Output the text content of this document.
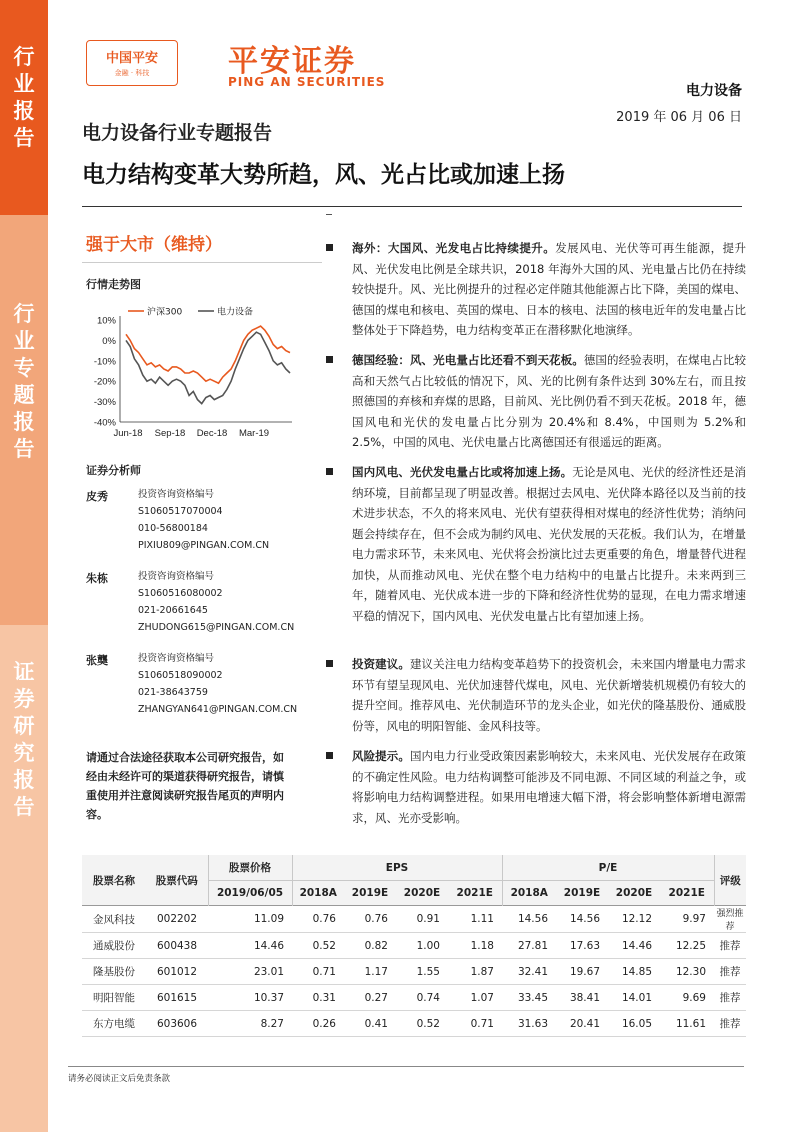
行
业
报
告
行
业
专
题
报
告
证
券
研
究
报
告
中国平安
金融 · 科技	平安证券
PING AN SECURITIES
电力设备
2019 年 06 月 06 日
电力设备行业专题报告
电力结构变革大势所趋，风、光占比或加速上扬
强于大市（维持）
行情走势图
10%
0%
-10%
-20%
-30%
-40%
Jun-18 Sep-18 Dec-18 Mar-19
沪深300	电力设备
证券分析师
皮秀	投资咨询资格编号
S1060517070004
010-56800184
PIXIU809@PINGAN.COM.CN
朱栋	投资咨询资格编号
S1060516080002
021-20661645
ZHUDONG615@PINGAN.COM.CN
张龑	投资咨询资格编号
S1060518090002
021-38643759
ZHANGYAN641@PINGAN.COM.CN
请通过合法途径获取本公司研究报告，如经由未经许可的渠道获得研究报告，请慎重使用并注意阅读研究报告尾页的声明内容。
海外：大国风、光发电占比持续提升。发展风电、光伏等可再生能源，提升风、光伏发电比例是全球共识，2018 年海外大国的风、光电量占比仍在持续较快提升。风、光比例提升的过程必定伴随其他能源占比下降，美国的煤电、德国的煤电和核电、英国的煤电、日本的核电、法国的核电近年的发电量占比整体处于下降趋势，电力结构变革正在潜移默化地演绎。
德国经验：风、光电量占比还看不到天花板。德国的经验表明，在煤电占比较高和天然气占比较低的情况下，风、光的比例有条件达到 30%左右，而且按照德国的弃核和弃煤的思路，目前风、光比例仍看不到天花板。2018 年，德国风电和光伏的发电量占比分别为 20.4%和 8.4%，中国则为 5.2%和 2.5%，中国的风电、光伏电量占比离德国还有很遥远的距离。
国内风电、光伏发电量占比或将加速上扬。无论是风电、光伏的经济性还是消纳环境，目前都呈现了明显改善。根据过去风电、光伏降本路径以及当前的技术进步状态，不久的将来风电、光伏有望获得相对煤电的经济性优势；消纳问题会持续存在，但不会成为制约风电、光伏发展的天花板。我们认为，在增量电力需求环节，未来风电、光伏将会扮演比过去更重要的角色，增量替代进程加快，从而推动风电、光伏在整个电力结构中的电量占比提升。未来两到三年，随着风电、光伏成本进一步的下降和经济性优势的显现，在电力需求增速平稳的情况下，国内风电、光伏发电量占比有望加速上扬。
投资建议。建议关注电力结构变革趋势下的投资机会，未来国内增量电力需求环节有望呈现风电、光伏加速替代煤电，风电、光伏新增装机规模仍有较大的提升空间。推荐风电、光伏制造环节的龙头企业，如光伏的隆基股份、通威股份等，风电的明阳智能、金风科技等。
风险提示。国内电力行业受政策因素影响较大，未来风电、光伏发展存在政策的不确定性风险。电力结构调整可能涉及不同电源、不同区域的利益之争，或将影响电力结构调整进程。如果用电增速大幅下滑，将会影响整体新增电源需求，风、光亦受影响。
股票名称	股票代码	股票价格	EPS				P/E				评级
		2019/06/05	2018A	2019E	2020E	2021E	2018A	2019E	2020E	2021E	
金风科技	002202	11.09	0.76	0.76	0.91	1.11	14.56	14.56	12.12	9.97	强烈推荐
通威股份	600438	14.46	0.52	0.82	1.00	1.18	27.81	17.63	14.46	12.25	推荐
隆基股份	601012	23.01	0.71	1.17	1.55	1.87	32.41	19.67	14.85	12.30	推荐
明阳智能	601615	10.37	0.31	0.27	0.74	1.07	33.45	38.41	14.01	9.69	推荐
东方电缆	603606	8.27	0.26	0.41	0.52	0.71	31.63	20.41	16.05	11.61	推荐
请务必阅读正文后免责条款
